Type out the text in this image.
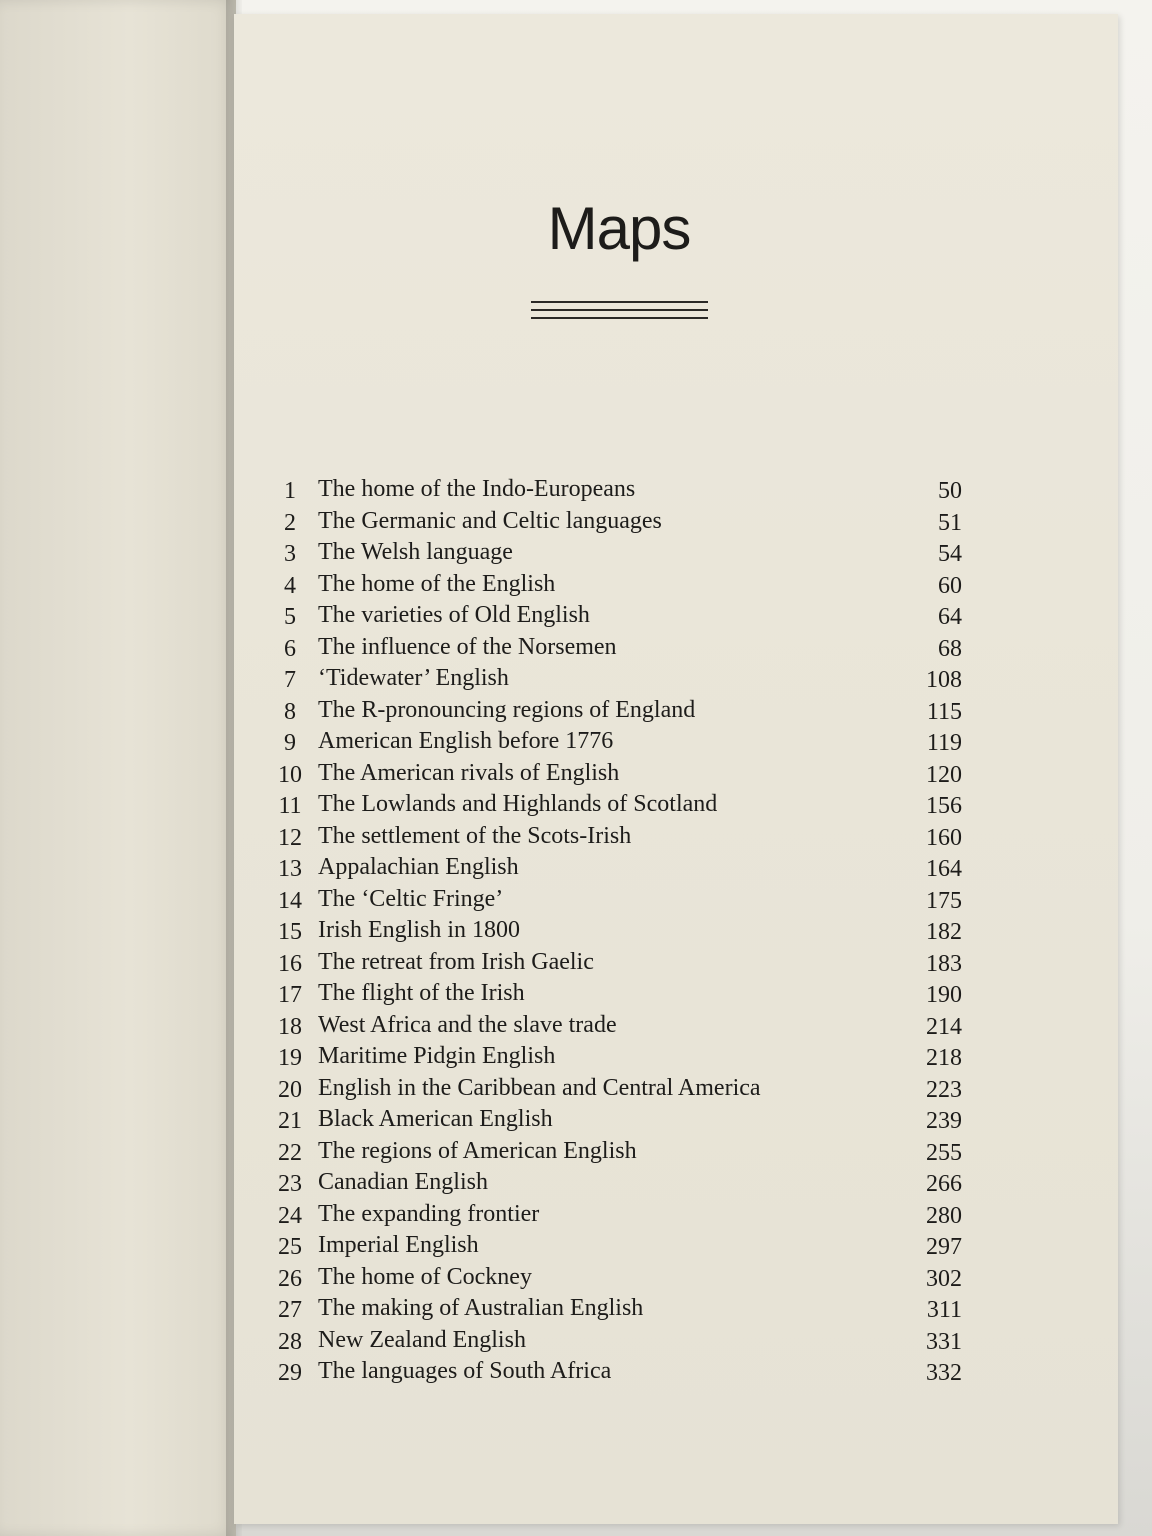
Maps
1 The home of the Indo-Europeans	50
2 The Germanic and Celtic languages	51
3 The Welsh language	54
4 The home of the English	60
5 The varieties of Old English	64
6 The influence of the Norsemen	68
7 ‘Tidewater’ English	108
8 The R-pronouncing regions of England	115
9 American English before 1776	119
10 The American rivals of English	120
11 The Lowlands and Highlands of Scotland	156
12 The settlement of the Scots-Irish	160
13 Appalachian English	164
14 The ‘Celtic Fringe’	175
15 Irish English in 1800	182
16 The retreat from Irish Gaelic	183
17 The flight of the Irish	190
18 West Africa and the slave trade	214
19 Maritime Pidgin English	218
20 English in the Caribbean and Central America	223
21 Black American English	239
22 The regions of American English	255
23 Canadian English	266
24 The expanding frontier	280
25 Imperial English	297
26 The home of Cockney	302
27 The making of Australian English	311
28 New Zealand English	331
29 The languages of South Africa	332
